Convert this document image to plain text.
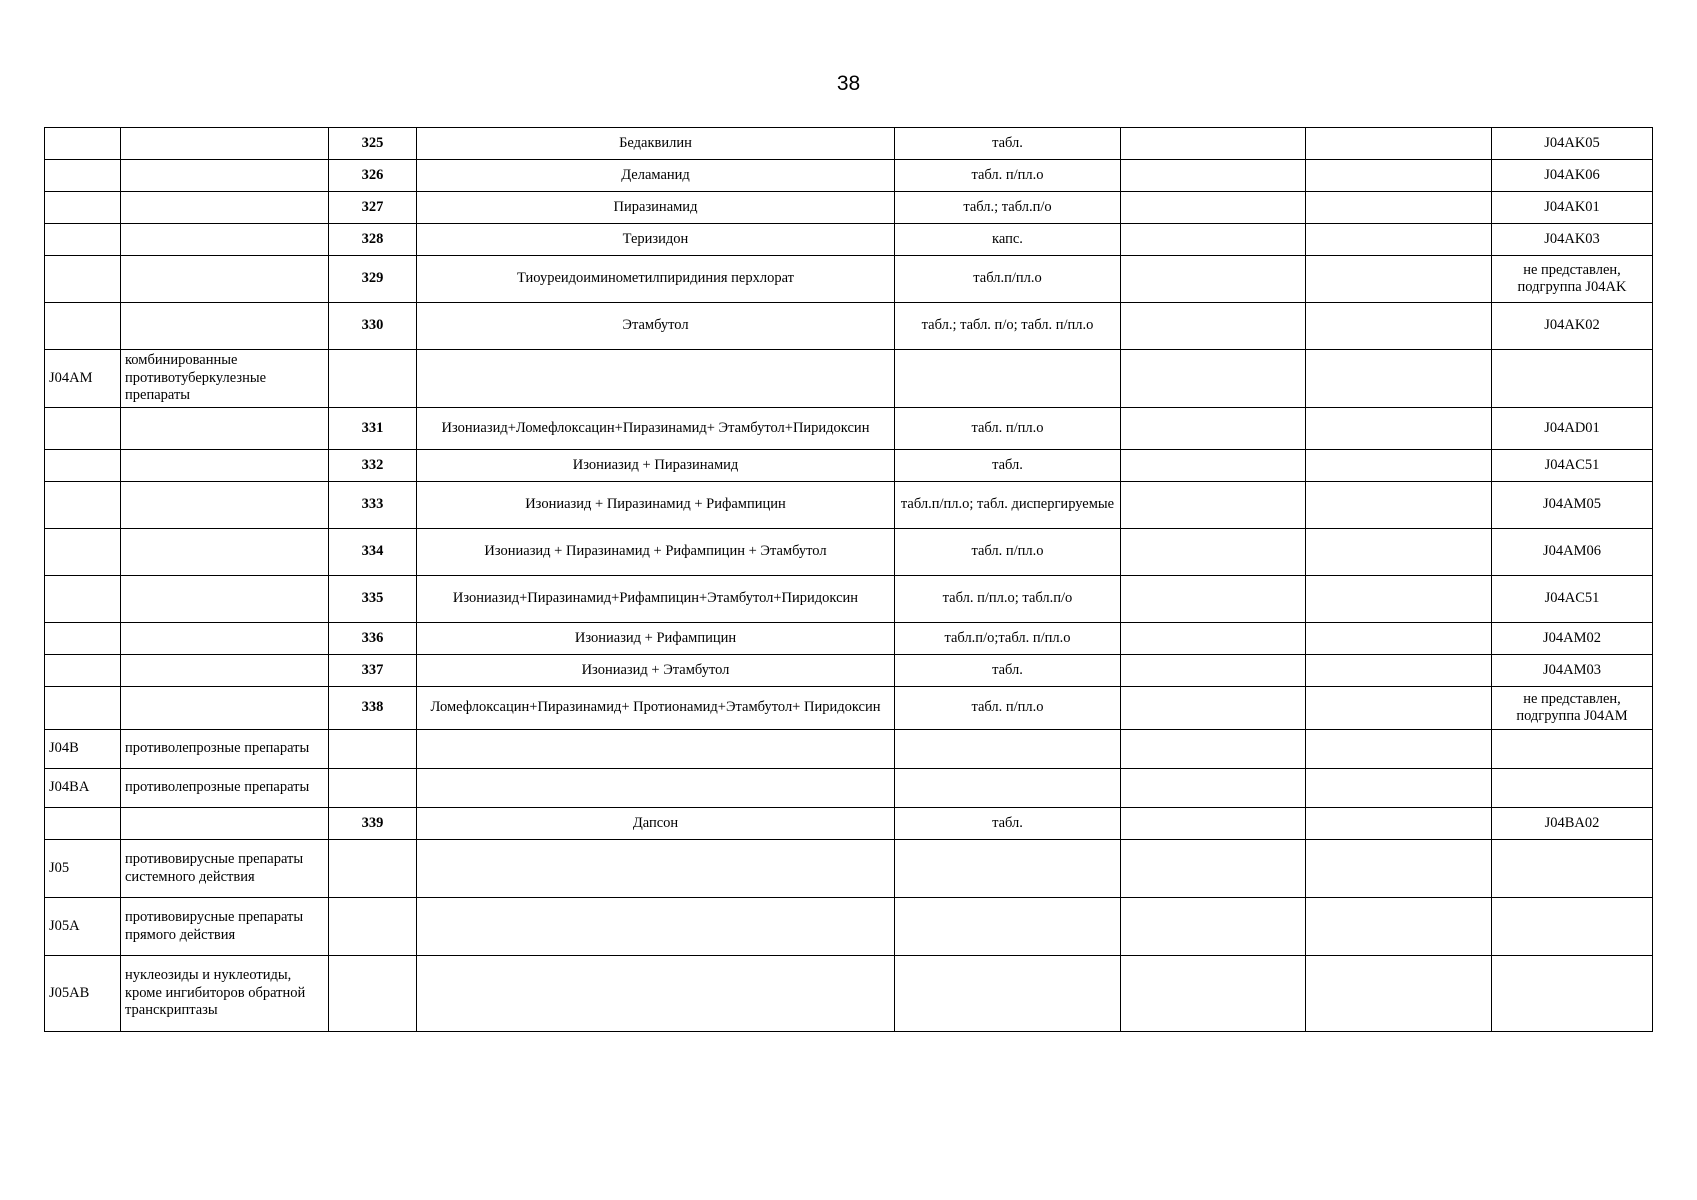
38
		325	Бедаквилин	табл.			J04AK05
		326	Деламанид	табл. п/пл.о			J04AK06
		327	Пиразинамид	табл.; табл.п/о			J04AK01
		328	Теризидон	капс.			J04AK03
		329	Тиоуреидоиминометилпиридиния перхлорат	табл.п/пл.о			не представлен, подгруппа J04AK
		330	Этамбутол	табл.; табл. п/о; табл. п/пл.о			J04AK02
J04AM	комбинированные противотуберкулезные препараты						
		331	Изониазид+Ломефлоксацин+Пиразинамид+ Этамбутол+Пиридоксин	табл. п/пл.о			J04AD01
		332	Изониазид + Пиразинамид	табл.			J04AC51
		333	Изониазид + Пиразинамид + Рифампицин	табл.п/пл.о; табл. диспергируемые			J04AM05
		334	Изониазид + Пиразинамид + Рифампицин + Этамбутол	табл. п/пл.о			J04AM06
		335	Изониазид+Пиразинамид+Рифампицин+Этамбутол+Пиридоксин	табл. п/пл.о; табл.п/о			J04AC51
		336	Изониазид + Рифампицин	табл.п/о;табл. п/пл.о			J04AM02
		337	Изониазид + Этамбутол	табл.			J04AM03
		338	Ломефлоксацин+Пиразинамид+ Протионамид+Этамбутол+ Пиридоксин	табл. п/пл.о			не представлен, подгруппа J04AM
J04B	противолепрозные препараты						
J04BA	противолепрозные препараты						
		339	Дапсон	табл.			J04BA02
J05	противовирусные препараты системного действия						
J05A	противовирусные препараты прямого действия						
J05AB	нуклеозиды и нуклеотиды, кроме ингибиторов обратной транскриптазы						
